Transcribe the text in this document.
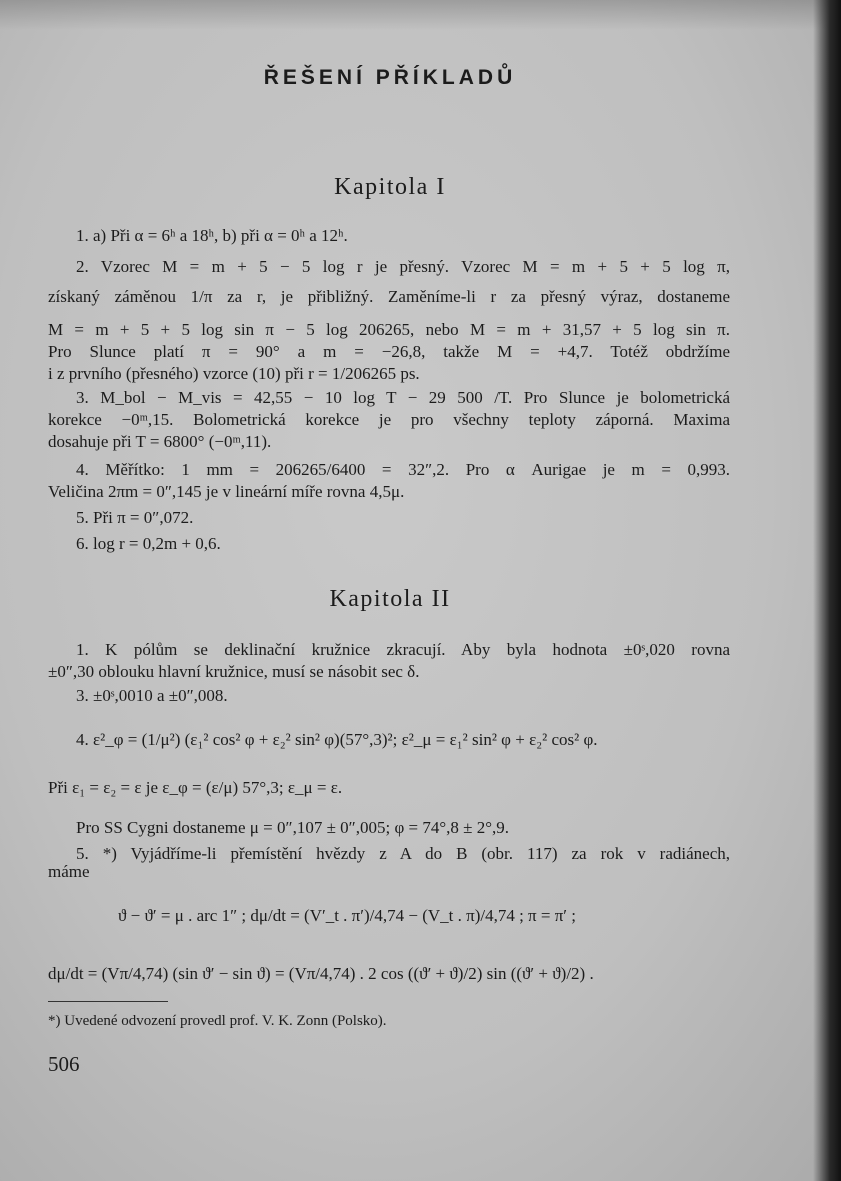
ŘEŠENÍ PŘÍKLADŮ
Kapitola I
1. a) Při α = 6ʰ a 18ʰ, b) při α = 0ʰ a 12ʰ.
2. Vzorec M = m + 5 − 5 log r je přesný. Vzorec M = m + 5 + 5 log π,
získaný záměnou 1/π za r, je přibližný. Zaměníme-li r za přesný výraz, dostaneme
M = m + 5 + 5 log sin π − 5 log 206265, nebo M = m + 31,57 + 5 log sin π.
Pro Slunce platí π = 90° a m = −26,8, takže M = +4,7. Totéž obdržíme
i z prvního (přesného) vzorce (10) při r = 1/206265 ps.
3. M_bol − M_vis = 42,55 − 10 log T − 29 500 /T. Pro Slunce je bolometrická
korekce −0ᵐ,15. Bolometrická korekce je pro všechny teploty záporná. Maxima
dosahuje při T = 6800° (−0ᵐ,11).
4. Měřítko: 1 mm = 206265/6400 = 32″,2. Pro α Aurigae je m = 0,993.
Veličina 2πm = 0″,145 je v lineární míře rovna 4,5μ.
5. Při π = 0″,072.
6. log r = 0,2m + 0,6.
Kapitola II
1. K pólům se deklinační kružnice zkracují. Aby byla hodnota ±0ˢ,020 rovna
±0″,30 oblouku hlavní kružnice, musí se násobit sec δ.
3. ±0ˢ,0010 a ±0″,008.
4. ε²_φ = (1/μ²) (ε₁² cos² φ + ε₂² sin² φ)(57°,3)²; ε²_μ = ε₁² sin² φ + ε₂² cos² φ.
Při ε₁ = ε₂ = ε je ε_φ = (ε/μ) 57°,3; ε_μ = ε.
Pro SS Cygni dostaneme μ = 0″,107 ± 0″,005; φ = 74°,8 ± 2°,9.
5. *) Vyjádříme-li přemístění hvězdy z A do B (obr. 117) za rok v radiánech,
máme
ϑ − ϑ′ = μ . arc 1″ ; dμ/dt = (V′_t . π′)/4,74 − (V_t . π)/4,74 ; π = π′ ;
dμ/dt = (Vπ/4,74) (sin ϑ′ − sin ϑ) = (Vπ/4,74) . 2 cos ((ϑ′ + ϑ)/2) sin ((ϑ′ + ϑ)/2) .
*) Uvedené odvození provedl prof. V. K. Zonn (Polsko).
506
